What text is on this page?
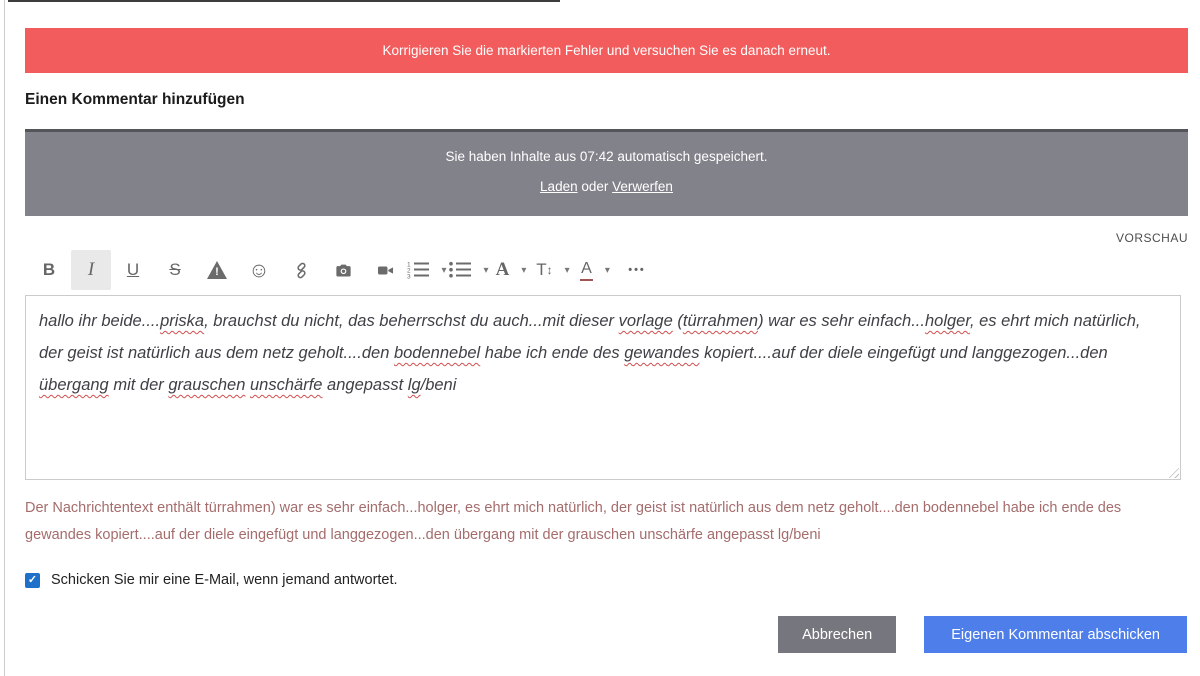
Korrigieren Sie die markierten Fehler und versuchen Sie es danach erneut.
Einen Kommentar hinzufügen
Sie haben Inhalte aus 07:42 automatisch gespeichert.
Laden oder Verwerfen
VORSCHAU
B I U S	!	☺	1
2
3
▾	▾ A ▾ T↕ ▾ A ▾ •••
hallo ihr beide....priska, brauchst du nicht, das beherrschst du auch...mit dieser vorlage (türrahmen) war es sehr einfach...holger, es ehrt mich natürlich, der geist ist natürlich aus dem netz geholt....den bodennebel habe ich ende des gewandes kopiert....auf der diele eingefügt und langgezogen...den übergang mit der grauschen unschärfe angepasst lg/beni
Der Nachrichtentext enthält türrahmen) war es sehr einfach...holger, es ehrt mich natürlich, der geist ist natürlich aus dem netz geholt....den bodennebel habe ich ende des gewandes kopiert....auf der diele eingefügt und langgezogen...den übergang mit der grauschen unschärfe angepasst lg/beni
✓ Schicken Sie mir eine E-Mail, wenn jemand antwortet.
Abbrechen	Eigenen Kommentar abschicken
